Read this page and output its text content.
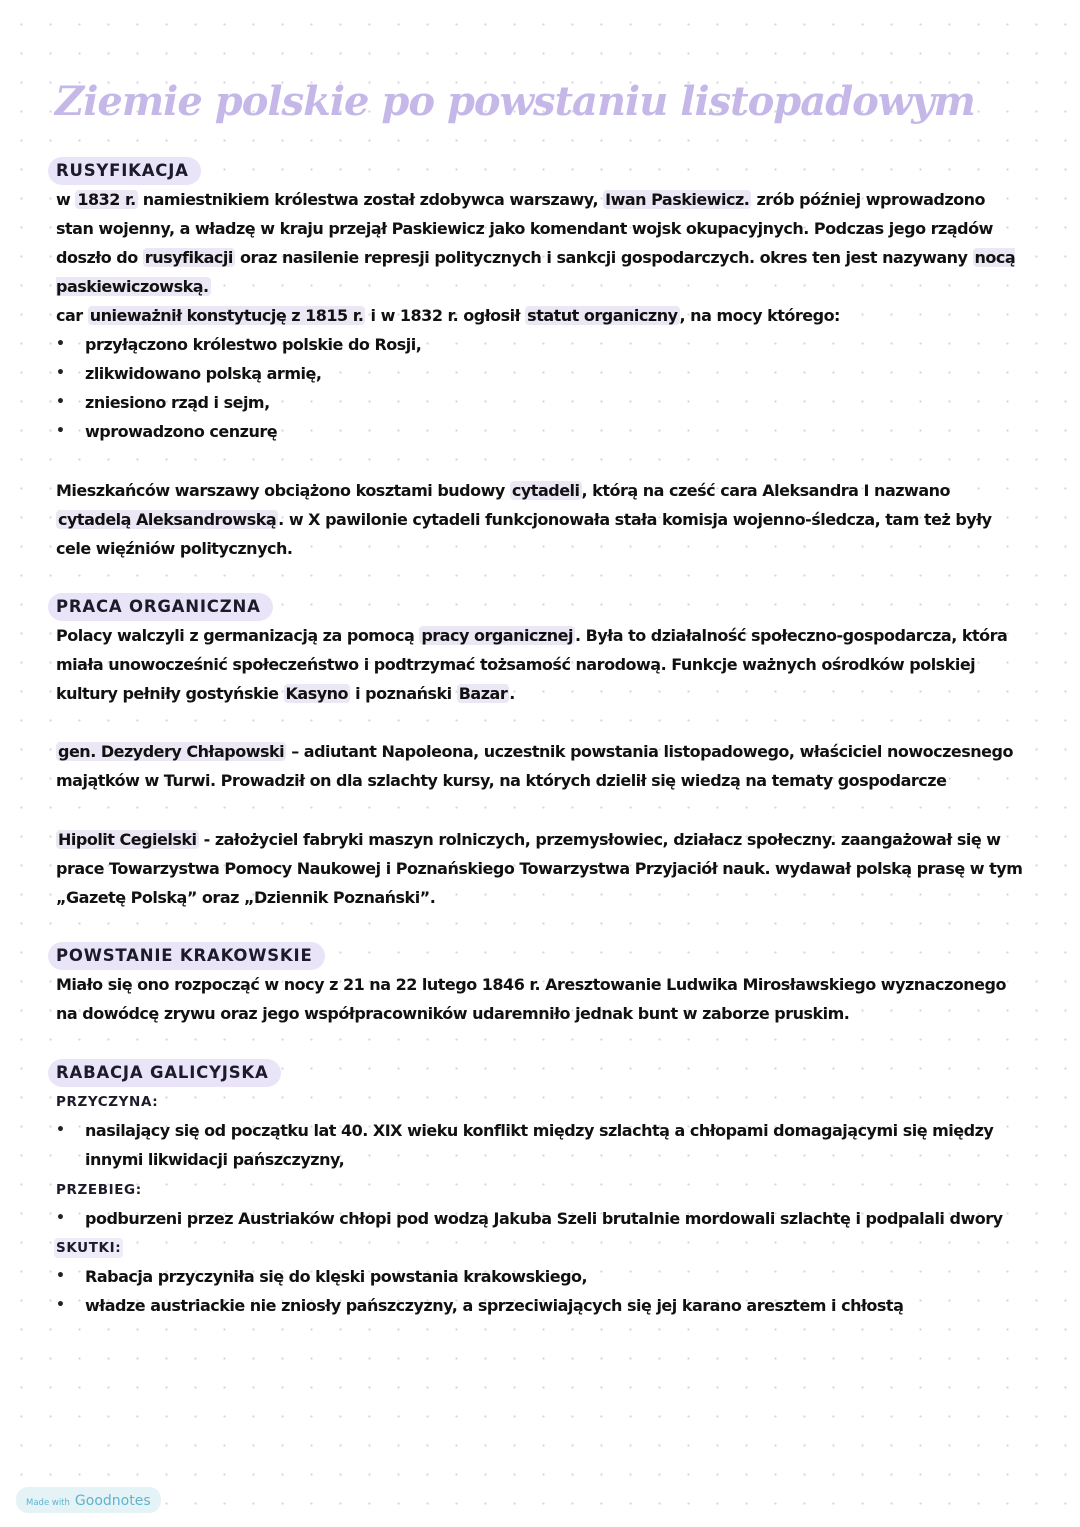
Ziemie polskie po powstaniu listopadowym
RUSYFIKACJA

w 1832 r. namiestnikiem królestwa został zdobywca warszawy, Iwan Paskiewicz. zrób później wprowadzono stan wojenny, a władzę w kraju przejął Paskiewicz jako komendant wojsk okupacyjnych. Podczas jego rządów doszło do rusyfikacji oraz nasilenie represji politycznych i sankcji gospodarczych. okres ten jest nazywany nocą paskiewiczowską.

car unieważnił konstytucję z 1815 r. i w 1832 r. ogłosił statut organiczny , na mocy którego:

• przyłączono królestwo polskie do Rosji,
• zlikwidowano polską armię,
• zniesiono rząd i sejm,
• wprowadzono cenzurę

Mieszkańców warszawy obciążono kosztami budowy cytadeli , którą na cześć cara Aleksandra I nazwano cytadelą Aleksandrowską . w X pawilonie cytadeli funkcjonowała stała komisja wojenno-śledcza, tam też były cele więźniów politycznych.

PRACA ORGANICZNA

Polacy walczyli z germanizacją za pomocą pracy organicznej . Była to działalność społeczno-gospodarcza, która miała unowocześnić społeczeństwo i podtrzymać tożsamość narodową. Funkcje ważnych ośrodków polskiej kultury pełniły gostyńskie Kasyno i poznański Bazar .

gen. Dezydery Chłapowski – adiutant Napoleona, uczestnik powstania listopadowego, właściciel nowoczesnego majątków w Turwi. Prowadził on dla szlachty kursy, na których dzielił się wiedzą na tematy gospodarcze

Hipolit Cegielski - założyciel fabryki maszyn rolniczych, przemysłowiec, działacz społeczny. zaangażował się w prace Towarzystwa Pomocy Naukowej i Poznańskiego Towarzystwa Przyjaciół nauk. wydawał polską prasę w tym „Gazetę Polską” oraz „Dziennik Poznański”.

POWSTANIE KRAKOWSKIE

Miało się ono rozpocząć w nocy z 21 na 22 lutego 1846 r. Aresztowanie Ludwika Mirosławskiego wyznaczonego na dowódcę zrywu oraz jego współpracowników udaremniło jednak bunt w zaborze pruskim.

RABACJA GALICYJSKA
PRZYCZYNA:
• nasilający się od początku lat 40. XIX wieku konflikt między szlachtą a chłopami domagającymi się między innymi likwidacji pańszczyzny,
PRZEBIEG:
• podburzeni przez Austriaków chłopi pod wodzą Jakuba Szeli brutalnie mordowali szlachtę i podpalali dwory
SKUTKI:
• Rabacja przyczyniła się do klęski powstania krakowskiego,
• władze austriackie nie zniosły pańszczyzny, a sprzeciwiających się jej karano aresztem i chłostą
Made with Goodnotes
